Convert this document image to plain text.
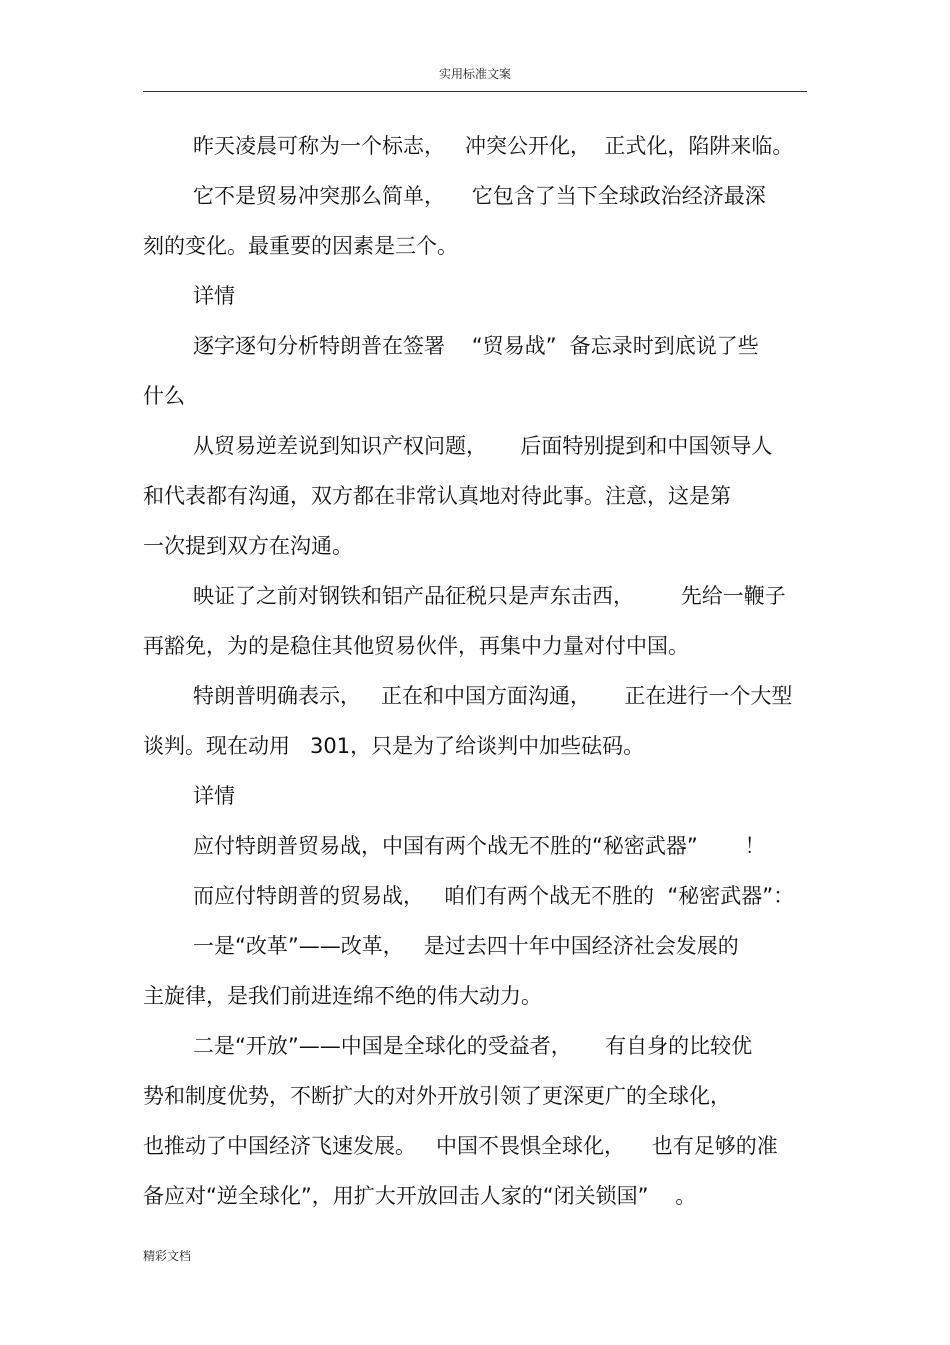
实用标准文案
昨天凌晨可称为一个标志，   冲突公开化，  正式化，陷阱来临。
它不是贸易冲突那么简单，    它包含了当下全球政治经济最深
刻的变化。最重要的因素是三个。
详情
逐字逐句分析特朗普在签署    “贸易战”  备忘录时到底说了些
什么
从贸易逆差说到知识产权问题，     后面特别提到和中国领导人
和代表都有沟通，双方都在非常认真地对待此事。注意，这是第
一次提到双方在沟通。
映证了之前对钢铁和铝产品征税只是声东击西，       先给一鞭子
再豁免，为的是稳住其他贸易伙伴，再集中力量对付中国。
特朗普明确表示，   正在和中国方面沟通，     正在进行一个大型
谈判。现在动用   301，只是为了给谈判中加些砝码。
详情
应付特朗普贸易战，中国有两个战无不胜的“秘密武器”       ！
而应付特朗普的贸易战，   咱们有两个战无不胜的  “秘密武器”：
一是“改革”——改革，   是过去四十年中国经济社会发展的
主旋律，是我们前进连绵不绝的伟大动力。
二是“开放”——中国是全球化的受益者，     有自身的比较优
势和制度优势，不断扩大的对外开放引领了更深更广的全球化，
也推动了中国经济飞速发展。   中国不畏惧全球化，    也有足够的准
备应对“逆全球化”，用扩大开放回击人家的“闭关锁国”    。
精彩文档
